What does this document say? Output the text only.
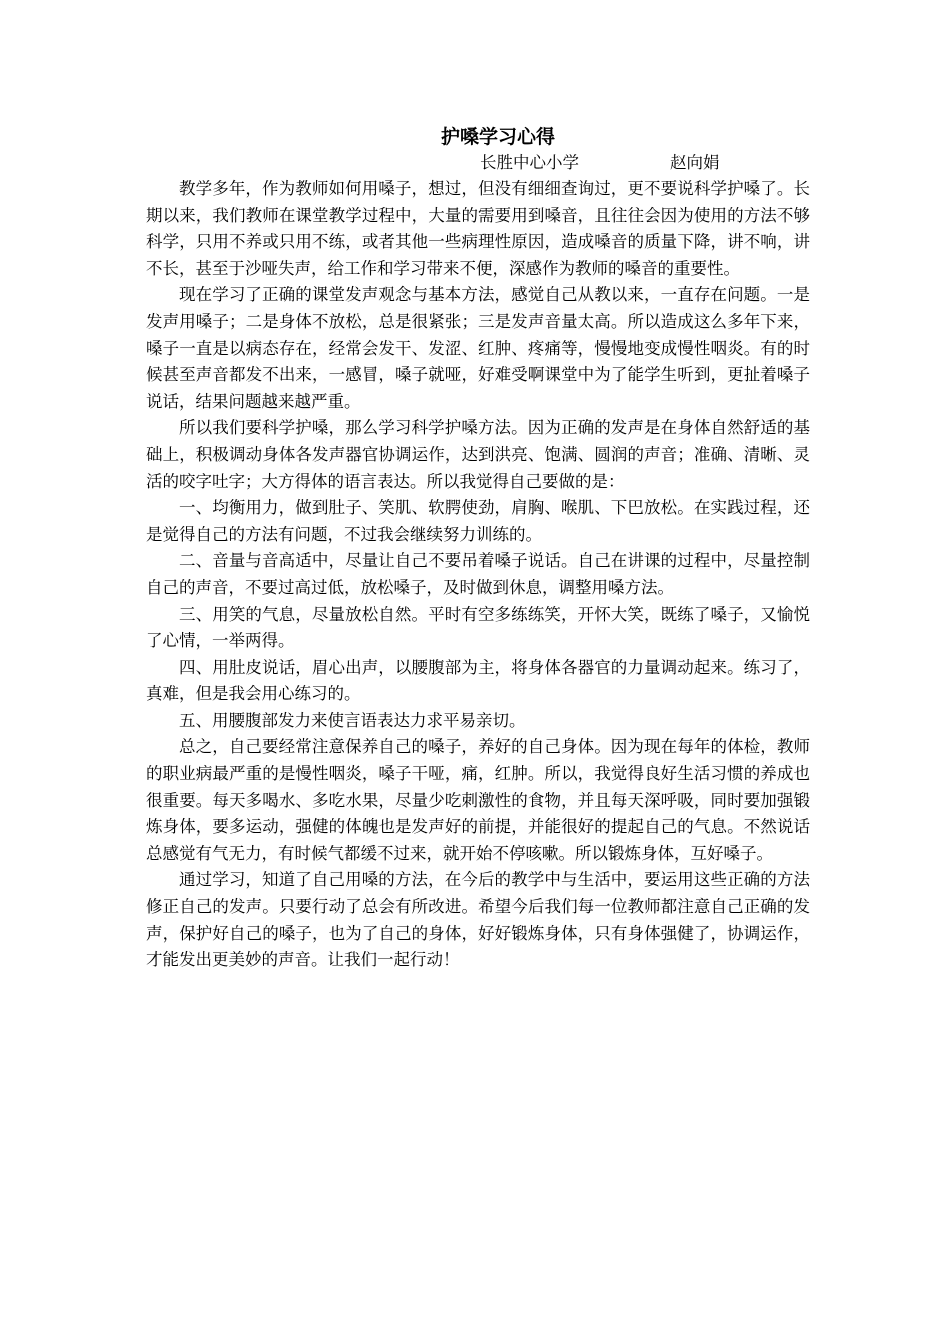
护嗓学习心得
长胜中心小学	赵向娟

教学多年，作为教师如何用嗓子，想过，但没有细细查询过，更不要说科学护嗓了。长期以来，我们教师在课堂教学过程中，大量的需要用到嗓音，且往往会因为使用的方法不够科学，只用不养或只用不练，或者其他一些病理性原因，造成嗓音的质量下降，讲不响，讲不长，甚至于沙哑失声，给工作和学习带来不便，深感作为教师的嗓音的重要性。

现在学习了正确的课堂发声观念与基本方法，感觉自己从教以来，一直存在问题。一是发声用嗓子；二是身体不放松，总是很紧张；三是发声音量太高。所以造成这么多年下来，嗓子一直是以病态存在，经常会发干、发涩、红肿、疼痛等，慢慢地变成慢性咽炎。有的时候甚至声音都发不出来，一感冒，嗓子就哑，好难受啊课堂中为了能学生听到，更扯着嗓子说话，结果问题越来越严重。

所以我们要科学护嗓，那么学习科学护嗓方法。因为正确的发声是在身体自然舒适的基础上，积极调动身体各发声器官协调运作，达到洪亮、饱满、圆润的声音；准确、清晰、灵活的咬字吐字；大方得体的语言表达。所以我觉得自己要做的是：

一、均衡用力，做到肚子、笑肌、软腭使劲，肩胸、喉肌、下巴放松。在实践过程，还是觉得自己的方法有问题，不过我会继续努力训练的。

二、音量与音高适中，尽量让自己不要吊着嗓子说话。自己在讲课的过程中，尽量控制自己的声音，不要过高过低，放松嗓子，及时做到休息，调整用嗓方法。

三、用笑的气息，尽量放松自然。平时有空多练练笑，开怀大笑，既练了嗓子，又愉悦了心情，一举两得。

四、用肚皮说话，眉心出声，以腰腹部为主，将身体各器官的力量调动起来。练习了，真难，但是我会用心练习的。

五、用腰腹部发力来使言语表达力求平易亲切。

总之，自己要经常注意保养自己的嗓子，养好的自己身体。因为现在每年的体检，教师的职业病最严重的是慢性咽炎，嗓子干哑，痛，红肿。所以，我觉得良好生活习惯的养成也很重要。每天多喝水、多吃水果，尽量少吃刺激性的食物，并且每天深呼吸，同时要加强锻炼身体，要多运动，强健的体魄也是发声好的前提，并能很好的提起自己的气息。不然说话总感觉有气无力，有时候气都缓不过来，就开始不停咳嗽。所以锻炼身体，互好嗓子。

通过学习，知道了自己用嗓的方法，在今后的教学中与生活中，要运用这些正确的方法修正自己的发声。只要行动了总会有所改进。希望今后我们每一位教师都注意自己正确的发声，保护好自己的嗓子，也为了自己的身体，好好锻炼身体，只有身体强健了，协调运作，才能发出更美妙的声音。让我们一起行动！
